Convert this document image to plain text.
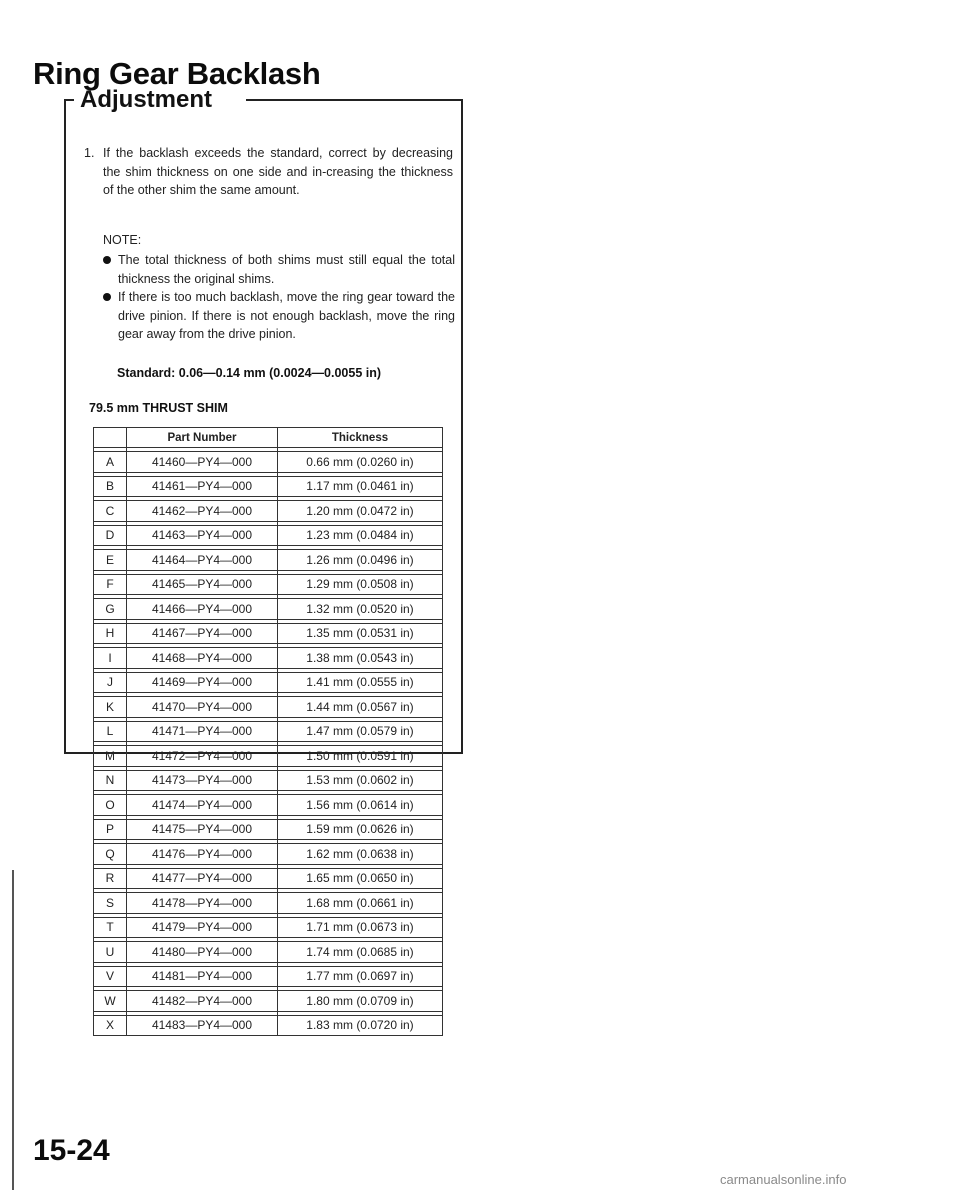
Ring Gear Backlash
Adjustment
1. If the backlash exceeds the standard, correct by decreasing the shim thickness on one side and in-creasing the thickness of the other shim the same amount.
NOTE:
The total thickness of both shims must still equal the total thickness the original shims.
If there is too much backlash, move the ring gear toward the drive pinion. If there is not enough backlash, move the ring gear away from the drive pinion.
Standard: 0.06—0.14 mm (0.0024—0.0055 in)
79.5 mm THRUST SHIM
	Part Number	Thickness

A	41460—PY4—000	0.66 mm (0.0260 in)

B	41461—PY4—000	1.17 mm (0.0461 in)

C	41462—PY4—000	1.20 mm (0.0472 in)

D	41463—PY4—000	1.23 mm (0.0484 in)

E	41464—PY4—000	1.26 mm (0.0496 in)

F	41465—PY4—000	1.29 mm (0.0508 in)

G	41466—PY4—000	1.32 mm (0.0520 in)

H	41467—PY4—000	1.35 mm (0.0531 in)

I	41468—PY4—000	1.38 mm (0.0543 in)

J	41469—PY4—000	1.41 mm (0.0555 in)

K	41470—PY4—000	1.44 mm (0.0567 in)

L	41471—PY4—000	1.47 mm (0.0579 in)

M	41472—PY4—000	1.50 mm (0.0591 in)

N	41473—PY4—000	1.53 mm (0.0602 in)

O	41474—PY4—000	1.56 mm (0.0614 in)

P	41475—PY4—000	1.59 mm (0.0626 in)

Q	41476—PY4—000	1.62 mm (0.0638 in)

R	41477—PY4—000	1.65 mm (0.0650 in)

S	41478—PY4—000	1.68 mm (0.0661 in)

T	41479—PY4—000	1.71 mm (0.0673 in)

U	41480—PY4—000	1.74 mm (0.0685 in)

V	41481—PY4—000	1.77 mm (0.0697 in)

W	41482—PY4—000	1.80 mm (0.0709 in)

X	41483—PY4—000	1.83 mm (0.0720 in)
15-24
carmanualsonline.info
